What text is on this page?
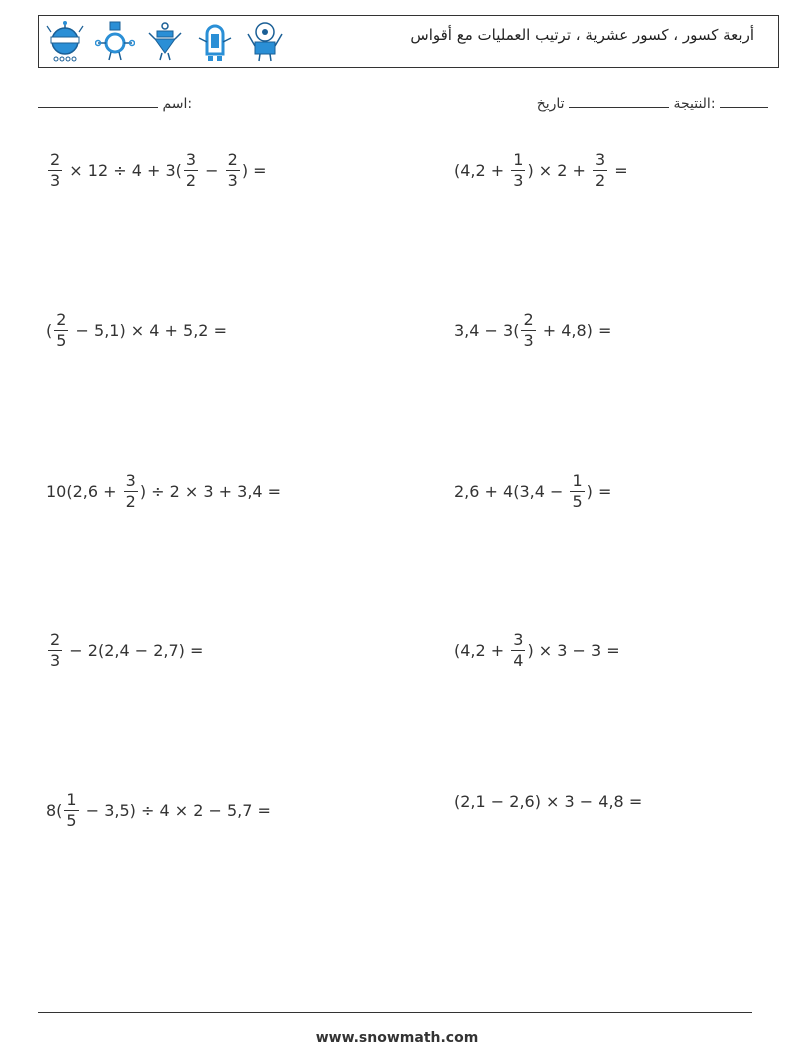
أربعة كسور ، كسور عشرية ، ترتيب العمليات مع أقواس
اسم:	النتيجة  تاريخ:
$\frac{2}{3} \times 12 \div 4 + 3( \frac{3}{2} - \frac{2}{3}$ ) =	($4,2 + \frac{1}{3}$ ) × $2 + \frac{3}{2}$ =
( $\frac{2}{5} - 5,1) \times 4 + 5,2$ =	$3,4 - 3( \frac{2}{3} + 4,8)$ =
$10(2,6 + \frac{3}{2}$ ) ÷ 2 × 3 + 3,4 =	$2,6 + 4(3,4 - \frac{1}{5}$ ) =
$\frac{2}{3} - 2(2,4 - 2,7)$ =	($4,2 + \frac{3}{4}$ ) × 3 − 3 =
$8( \frac{1}{5} - 3,5) \div 4 \times 2 - 5,7$ =	(2,1 − 2,6) × 3 − 4,8 =
www.snowmath.com
